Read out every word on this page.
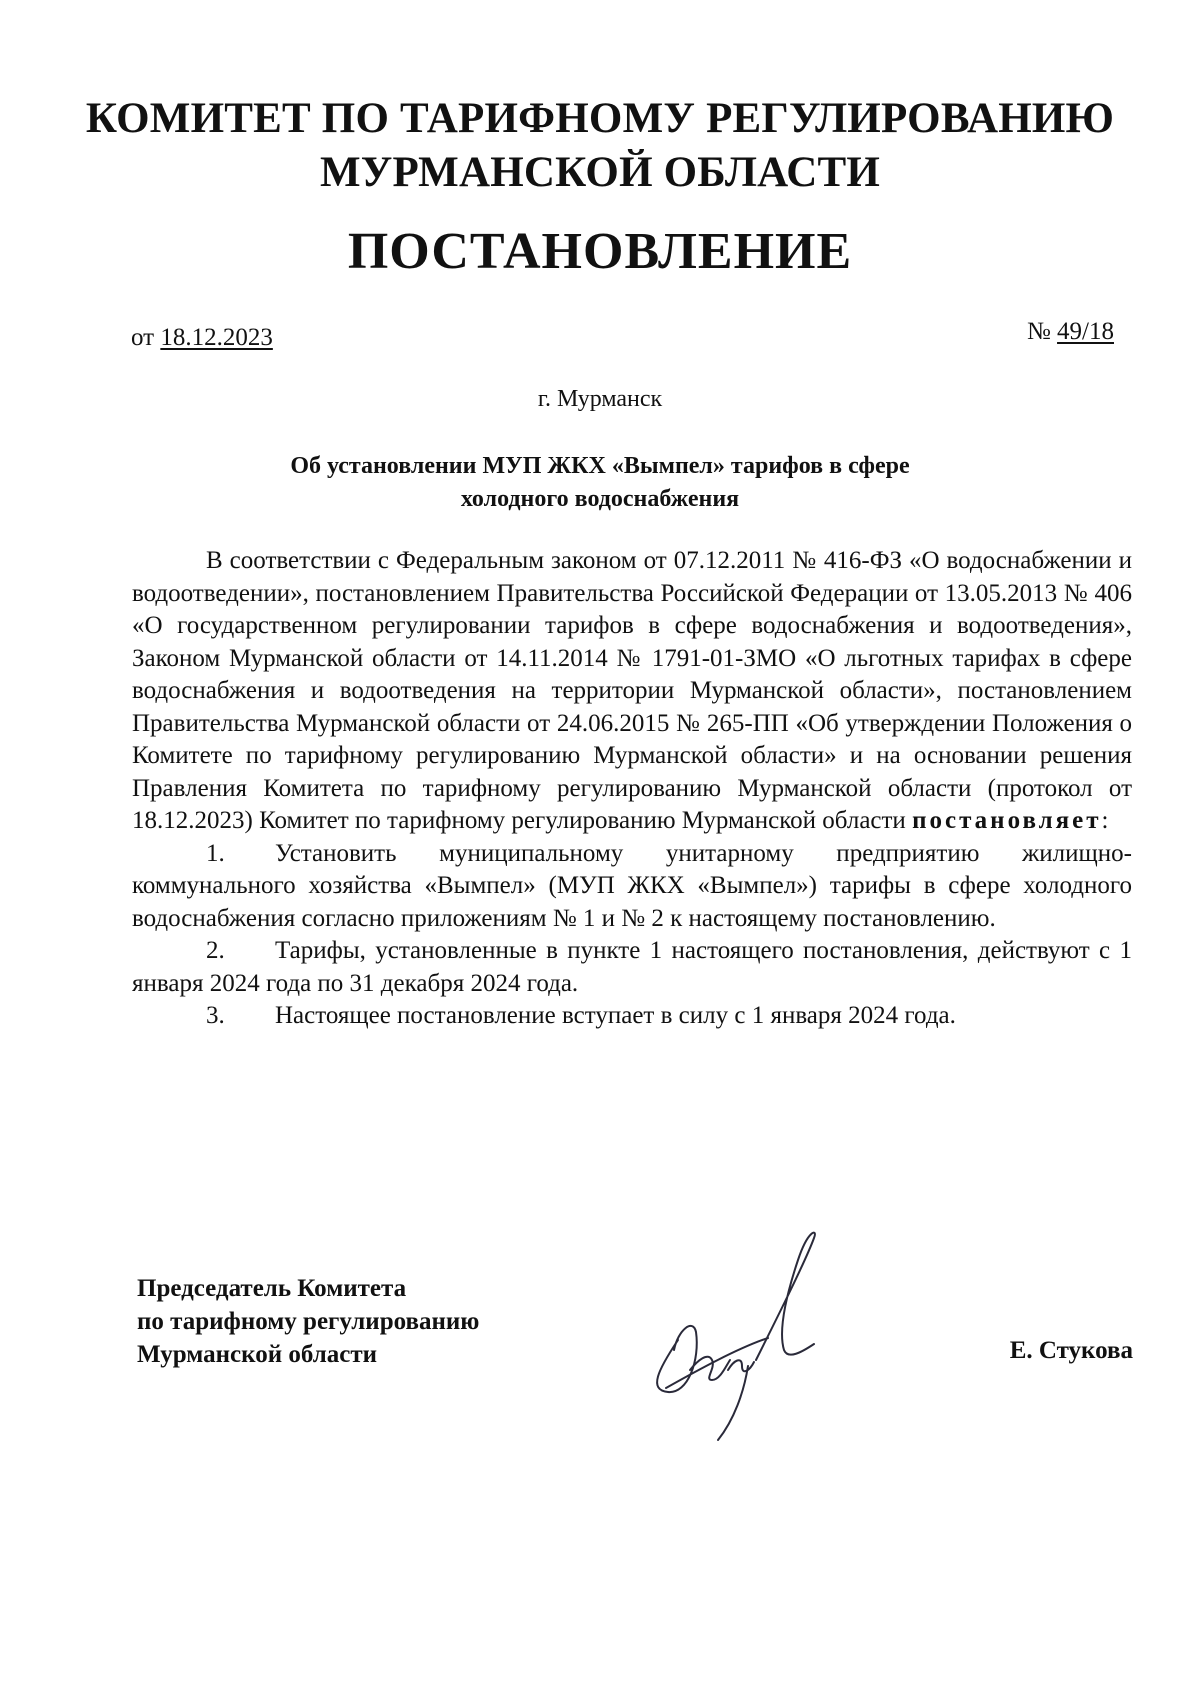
КОМИТЕТ ПО ТАРИФНОМУ РЕГУЛИРОВАНИЮ
МУРМАНСКОЙ ОБЛАСТИ
ПОСТАНОВЛЕНИЕ
от 18.12.2023	№ 49/18
г. Мурманск
Об установлении МУП ЖКХ «Вымпел» тарифов в сфере
холодного водоснабжения

В соответствии с Федеральным законом от 07.12.2011 № 416-ФЗ «О водоснабжении и водоотведении», постановлением Правительства Российской Федерации от 13.05.2013 № 406 «О государственном регулировании тарифов в сфере водоснабжения и водоотведения», Законом Мурманской области от 14.11.2014 № 1791-01-ЗМО «О льготных тарифах в сфере водоснабжения и водоотведения на территории Мурманской области», постановлением Правительства Мурманской области от 24.06.2015 № 265-ПП «Об утверждении Положения о Комитете по тарифному регулированию Мурманской области» и на основании решения Правления Комитета по тарифному регулированию Мурманской области (протокол от 18.12.2023) Комитет по тарифному регулированию Мурманской области постановляет:

1. Установить муниципальному унитарному предприятию жилищно-коммунального хозяйства «Вымпел» (МУП ЖКХ «Вымпел») тарифы в сфере холодного водоснабжения согласно приложениям № 1 и № 2 к настоящему постановлению.

2. Тарифы, установленные в пункте 1 настоящего постановления, действуют с 1 января 2024 года по 31 декабря 2024 года.

3. Настоящее постановление вступает в силу с 1 января 2024 года.

Председатель Комитета
по тарифному регулированию
Мурманской области	Е. Стукова
